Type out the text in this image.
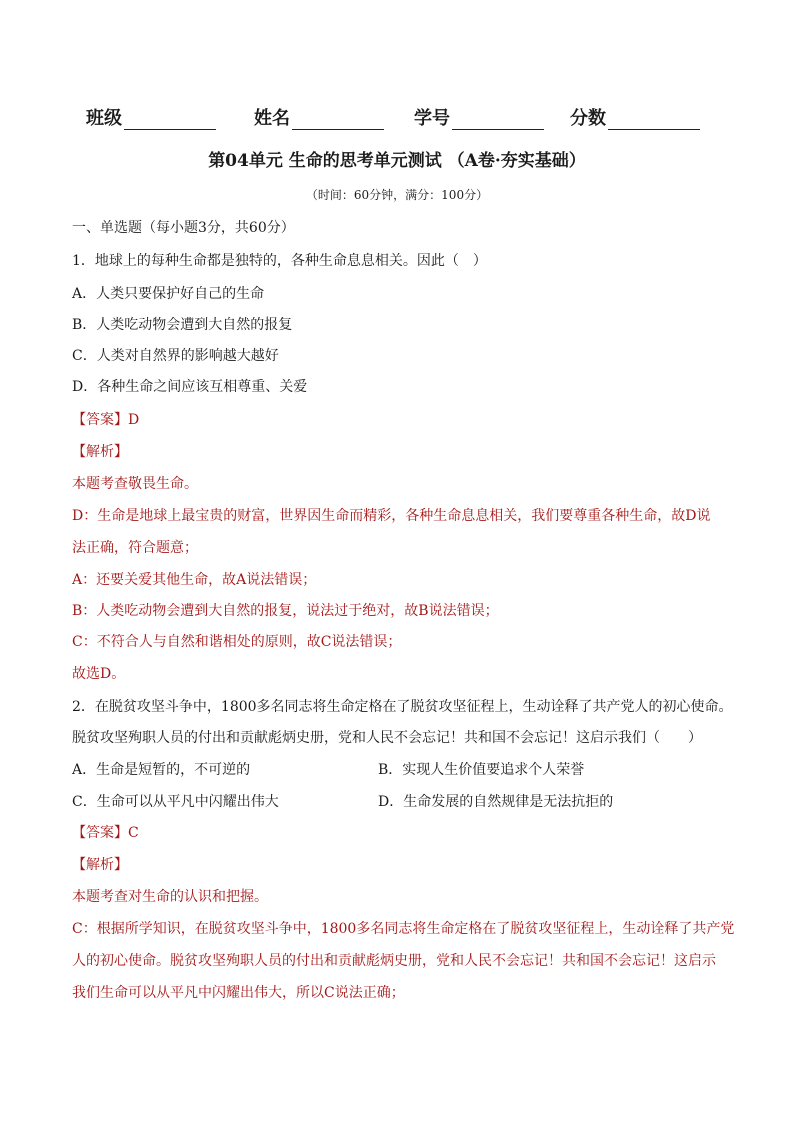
班级	姓名	学号	分数
第04单元 生命的思考单元测试 （A卷·夯实基础）
（时间：60分钟，满分：100分）
一、单选题（每小题3分，共60分）
1．地球上的每种生命都是独特的，各种生命息息相关。因此（　）
A．人类只要保护好自己的生命
B．人类吃动物会遭到大自然的报复
C．人类对自然界的影响越大越好
D．各种生命之间应该互相尊重、关爱
【答案】D
【解析】
本题考查敬畏生命。
D：生命是地球上最宝贵的财富，世界因生命而精彩，各种生命息息相关，我们要尊重各种生命，故D说
法正确，符合题意；
A：还要关爱其他生命，故A说法错误；
B：人类吃动物会遭到大自然的报复，说法过于绝对，故B说法错误；
C：不符合人与自然和谐相处的原则，故C说法错误；
故选D。
2．在脱贫攻坚斗争中，1800多名同志将生命定格在了脱贫攻坚征程上，生动诠释了共产党人的初心使命。
脱贫攻坚殉职人员的付出和贡献彪炳史册，党和人民不会忘记！共和国不会忘记！这启示我们（　　）
A．生命是短暂的，不可逆的	B．实现人生价值要追求个人荣誉
C．生命可以从平凡中闪耀出伟大	D．生命发展的自然规律是无法抗拒的
【答案】C
【解析】
本题考查对生命的认识和把握。
C：根据所学知识，在脱贫攻坚斗争中，1800多名同志将生命定格在了脱贫攻坚征程上，生动诠释了共产党
人的初心使命。脱贫攻坚殉职人员的付出和贡献彪炳史册，党和人民不会忘记！共和国不会忘记！这启示
我们生命可以从平凡中闪耀出伟大，所以C说法正确；
